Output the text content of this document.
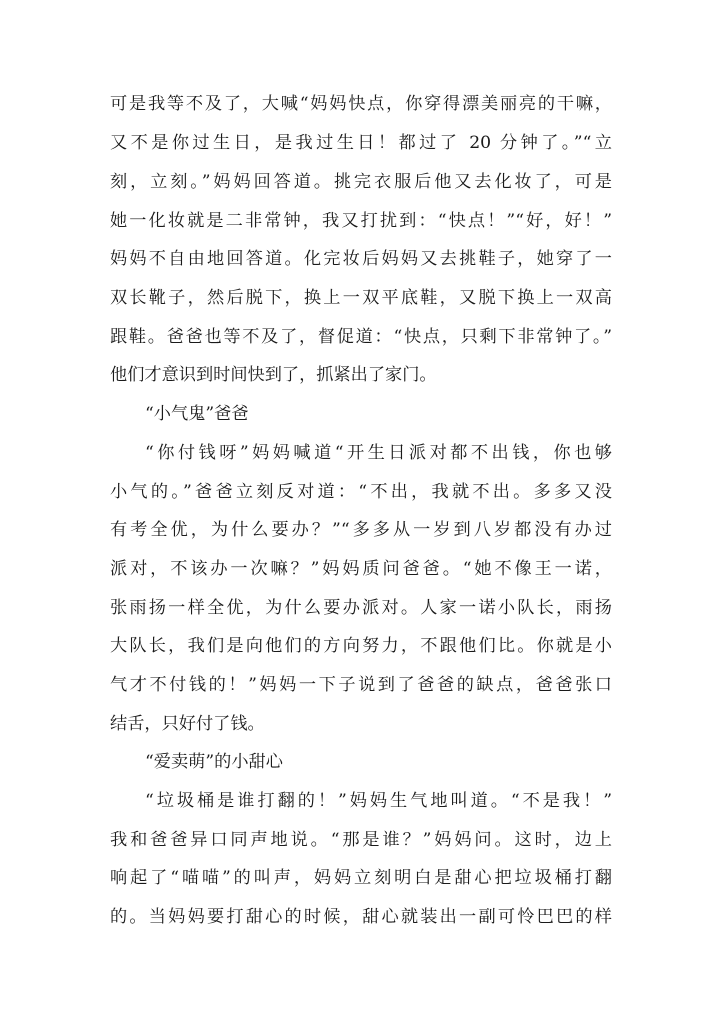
可是我等不及了，大喊“妈妈快点，你穿得漂美丽亮的干嘛，
又不是你过生日，是我过生日！都过了 20 分钟了。”“立
刻，立刻。”妈妈回答道。挑完衣服后他又去化妆了，可是
她一化妆就是二非常钟，我又打扰到：“快点！”“好，好！”
妈妈不自由地回答道。化完妆后妈妈又去挑鞋子，她穿了一
双长靴子，然后脱下，换上一双平底鞋，又脱下换上一双高
跟鞋。爸爸也等不及了，督促道：“快点，只剩下非常钟了。”
他们才意识到时间快到了，抓紧出了家门。
“小气鬼”爸爸
“你付钱呀”妈妈喊道“开生日派对都不出钱，你也够
小气的。”爸爸立刻反对道：“不出，我就不出。多多又没
有考全优，为什么要办？”“多多从一岁到八岁都没有办过
派对，不该办一次嘛？”妈妈质问爸爸。“她不像王一诺，
张雨扬一样全优，为什么要办派对。人家一诺小队长，雨扬
大队长，我们是向他们的方向努力，不跟他们比。你就是小
气才不付钱的！”妈妈一下子说到了爸爸的缺点，爸爸张口
结舌，只好付了钱。
“爱卖萌”的小甜心
“垃圾桶是谁打翻的！”妈妈生气地叫道。“不是我！”
我和爸爸异口同声地说。“那是谁？”妈妈问。这时，边上
响起了“喵喵”的叫声，妈妈立刻明白是甜心把垃圾桶打翻
的。当妈妈要打甜心的时候，甜心就装出一副可怜巴巴的样
